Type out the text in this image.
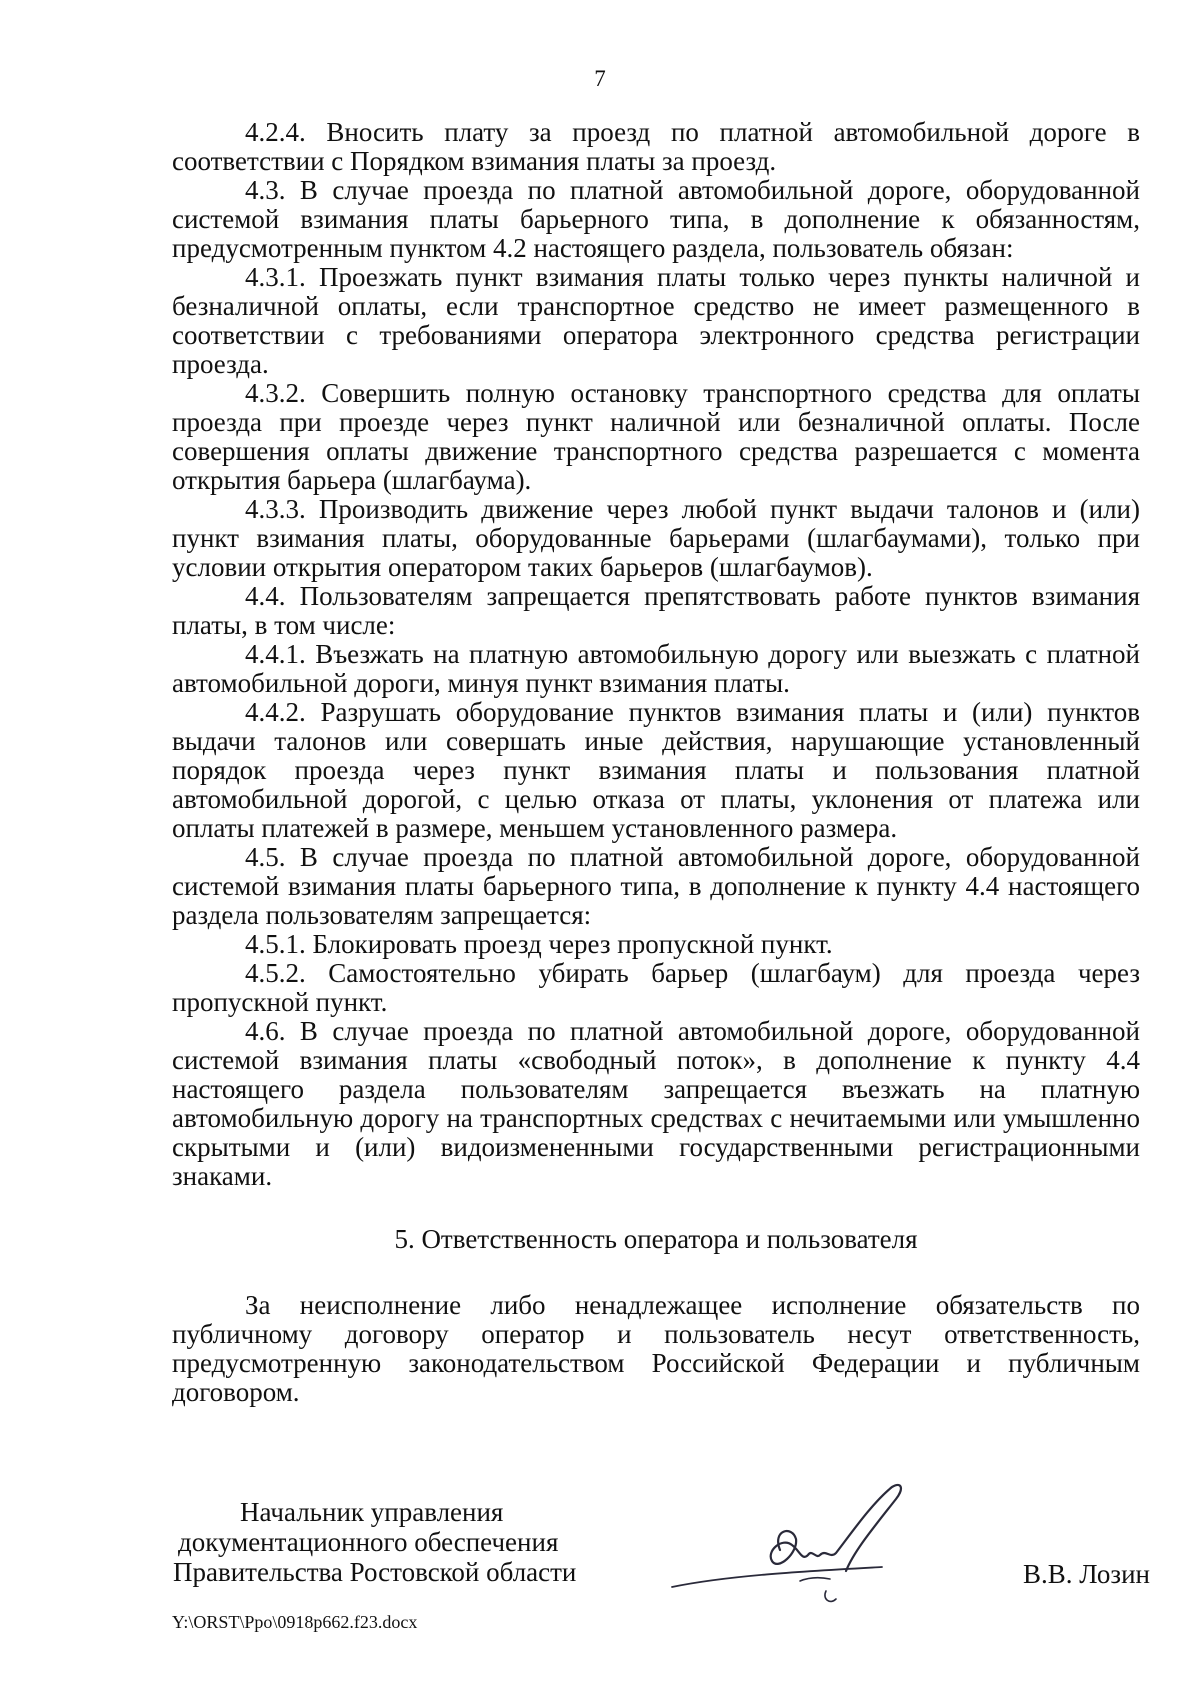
7

4.2.4. Вносить плату за проезд по платной автомобильной дороге в соответствии с Порядком взимания платы за проезд.

4.3. В случае проезда по платной автомобильной дороге, оборудованной системой взимания платы барьерного типа, в дополнение к обязанностям, предусмотренным пунктом 4.2 настоящего раздела, пользователь обязан:

4.3.1. Проезжать пункт взимания платы только через пункты наличной и безналичной оплаты, если транспортное средство не имеет размещенного в соответствии с требованиями оператора электронного средства регистрации проезда.

4.3.2. Совершить полную остановку транспортного средства для оплаты проезда при проезде через пункт наличной или безналичной оплаты. После совершения оплаты движение транспортного средства разрешается с момента открытия барьера (шлагбаума).

4.3.3. Производить движение через любой пункт выдачи талонов и (или) пункт взимания платы, оборудованные барьерами (шлагбаумами), только при условии открытия оператором таких барьеров (шлагбаумов).

4.4. Пользователям запрещается препятствовать работе пунктов взимания платы, в том числе:

4.4.1. Въезжать на платную автомобильную дорогу или выезжать с платной автомобильной дороги, минуя пункт взимания платы.

4.4.2. Разрушать оборудование пунктов взимания платы и (или) пунктов выдачи талонов или совершать иные действия, нарушающие установленный порядок проезда через пункт взимания платы и пользования платной автомобильной дорогой, с целью отказа от платы, уклонения от платежа или оплаты платежей в размере, меньшем установленного размера.

4.5. В случае проезда по платной автомобильной дороге, оборудованной системой взимания платы барьерного типа, в дополнение к пункту 4.4 настоящего раздела пользователям запрещается:

4.5.1. Блокировать проезд через пропускной пункт.

4.5.2. Самостоятельно убирать барьер (шлагбаум) для проезда через пропускной пункт.

4.6. В случае проезда по платной автомобильной дороге, оборудованной системой взимания платы «свободный поток», в дополнение к пункту 4.4 настоящего раздела пользователям запрещается въезжать на платную автомобильную дорогу на транспортных средствах с нечитаемыми или умышленно скрытыми и (или) видоизмененными государственными регистрационными знаками.

5. Ответственность оператора и пользователя

За неисполнение либо ненадлежащее исполнение обязательств по публичному договору оператор и пользователь несут ответственность, предусмотренную законодательством Российской Федерации и публичным договором.

Начальник управления
документационного обеспечения
Правительства Ростовской области	В.В. Лозин
Y:\ORST\Ppo\0918p662.f23.docx
